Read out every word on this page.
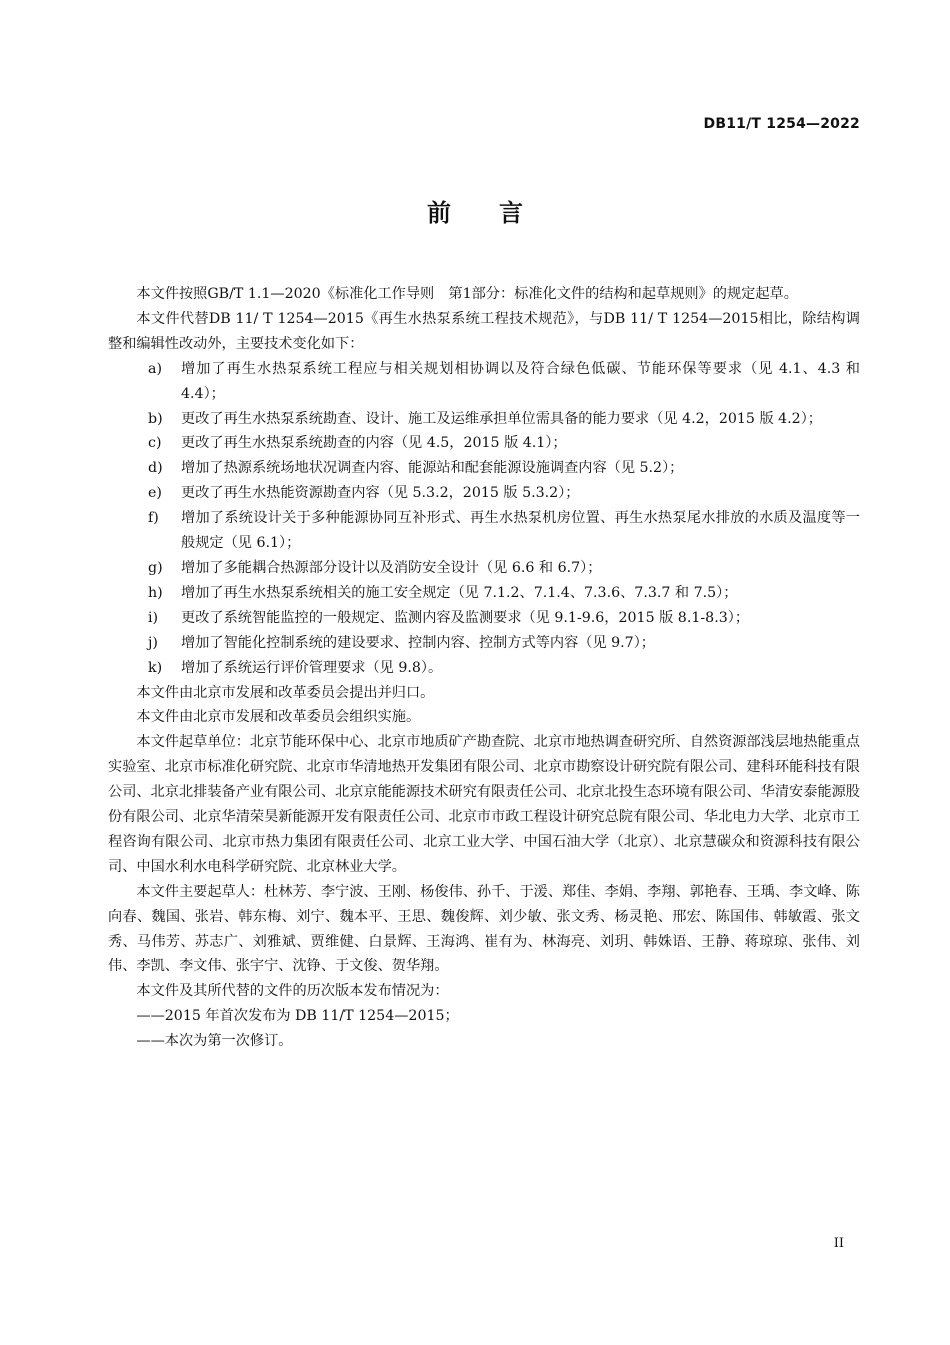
DB11/T 1254—2022
前 言

本文件按照GB/T 1.1—2020《标准化工作导则　第1部分：标准化文件的结构和起草规则》的规定起草。

本文件代替DB 11/ T 1254—2015《再生水热泵系统工程技术规范》，与DB 11/ T 1254—2015相比，除结构调整和编辑性改动外，主要技术变化如下：

a) 增加了再生水热泵系统工程应与相关规划相协调以及符合绿色低碳、节能环保等要求（见 4.1、4.3 和 4.4）；

b) 更改了再生水热泵系统勘查、设计、施工及运维承担单位需具备的能力要求（见 4.2，2015 版 4.2）；

c) 更改了再生水热泵系统勘查的内容（见 4.5，2015 版 4.1）；

d) 增加了热源系统场地状况调查内容、能源站和配套能源设施调查内容（见 5.2）；

e) 更改了再生水热能资源勘查内容（见 5.3.2，2015 版 5.3.2）；

f) 增加了系统设计关于多种能源协同互补形式、再生水热泵机房位置、再生水热泵尾水排放的水质及温度等一般规定（见 6.1）；

g) 增加了多能耦合热源部分设计以及消防安全设计（见 6.6 和 6.7）；

h) 增加了再生水热泵系统相关的施工安全规定（见 7.1.2、7.1.4、7.3.6、7.3.7 和 7.5）；

i) 更改了系统智能监控的一般规定、监测内容及监测要求（见 9.1-9.6，2015 版 8.1-8.3）；

j) 增加了智能化控制系统的建设要求、控制内容、控制方式等内容（见 9.7）；

k) 增加了系统运行评价管理要求（见 9.8）。

本文件由北京市发展和改革委员会提出并归口。

本文件由北京市发展和改革委员会组织实施。

本文件起草单位：北京节能环保中心、北京市地质矿产勘查院、北京市地热调查研究所、自然资源部浅层地热能重点实验室、北京市标准化研究院、北京市华清地热开发集团有限公司、北京市勘察设计研究院有限公司、建科环能科技有限公司、北京北排装备产业有限公司、北京京能能源技术研究有限责任公司、北京北投生态环境有限公司、华清安泰能源股份有限公司、北京华清荣昊新能源开发有限责任公司、北京市市政工程设计研究总院有限公司、华北电力大学、北京市工程咨询有限公司、北京市热力集团有限责任公司、北京工业大学、中国石油大学（北京）、北京慧碳众和资源科技有限公司、中国水利水电科学研究院、北京林业大学。

本文件主要起草人：杜林芳、李宁波、王刚、杨俊伟、孙千、于湲、郑佳、李娟、李翔、郭艳春、王瑀、李文峰、陈向春、魏国、张岩、韩东梅、刘宁、魏本平、王思、魏俊辉、刘少敏、张文秀、杨灵艳、邢宏、陈国伟、韩敏霞、张文秀、马伟芳、苏志广、刘雅斌、贾维健、白景辉、王海鸿、崔有为、林海亮、刘玥、韩姝语、王静、蒋琼琼、张伟、刘伟、李凯、李文伟、张宇宁、沈铮、于文俊、贺华翔。

本文件及其所代替的文件的历次版本发布情况为：

——2015 年首次发布为 DB 11/T 1254—2015；

——本次为第一次修订。

II
